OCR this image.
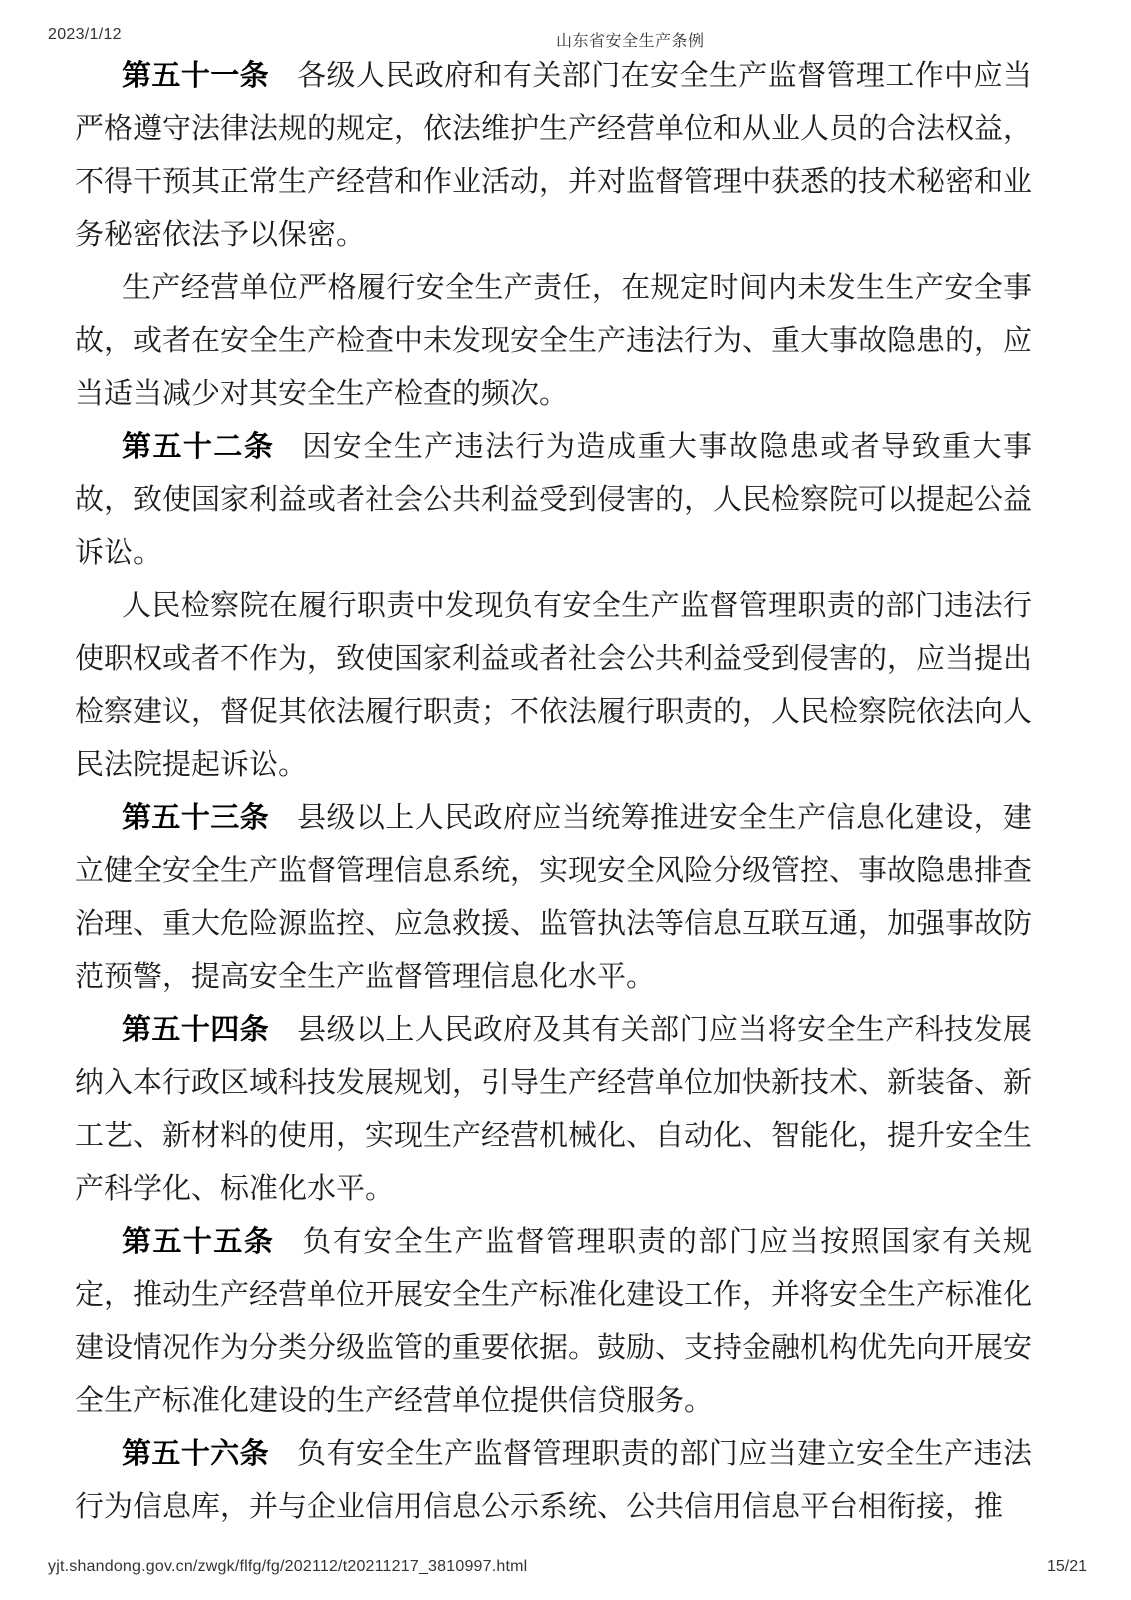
2023/1/12	山东省安全生产条例

第五十一条 各级人民政府和有关部门在安全生产监督管理工作中应当严格遵守法律法规的规定，依法维护生产经营单位和从业人员的合法权益，不得干预其正常生产经营和作业活动，并对监督管理中获悉的技术秘密和业务秘密依法予以保密。

生产经营单位严格履行安全生产责任，在规定时间内未发生生产安全事故，或者在安全生产检查中未发现安全生产违法行为、重大事故隐患的，应当适当减少对其安全生产检查的频次。

第五十二条 因安全生产违法行为造成重大事故隐患或者导致重大事故，致使国家利益或者社会公共利益受到侵害的，人民检察院可以提起公益诉讼。

人民检察院在履行职责中发现负有安全生产监督管理职责的部门违法行使职权或者不作为，致使国家利益或者社会公共利益受到侵害的，应当提出检察建议，督促其依法履行职责；不依法履行职责的，人民检察院依法向人民法院提起诉讼。

第五十三条 县级以上人民政府应当统筹推进安全生产信息化建设，建立健全安全生产监督管理信息系统，实现安全风险分级管控、事故隐患排查治理、重大危险源监控、应急救援、监管执法等信息互联互通，加强事故防范预警，提高安全生产监督管理信息化水平。

第五十四条 县级以上人民政府及其有关部门应当将安全生产科技发展纳入本行政区域科技发展规划，引导生产经营单位加快新技术、新装备、新工艺、新材料的使用，实现生产经营机械化、自动化、智能化，提升安全生产科学化、标准化水平。

第五十五条 负有安全生产监督管理职责的部门应当按照国家有关规定，推动生产经营单位开展安全生产标准化建设工作，并将安全生产标准化建设情况作为分类分级监管的重要依据。鼓励、支持金融机构优先向开展安全生产标准化建设的生产经营单位提供信贷服务。

第五十六条 负有安全生产监督管理职责的部门应当建立安全生产违法行为信息库，并与企业信用信息公示系统、公共信用信息平台相衔接，推

yjt.shandong.gov.cn/zwgk/flfg/fg/202112/t20211217_3810997.html	15/21
